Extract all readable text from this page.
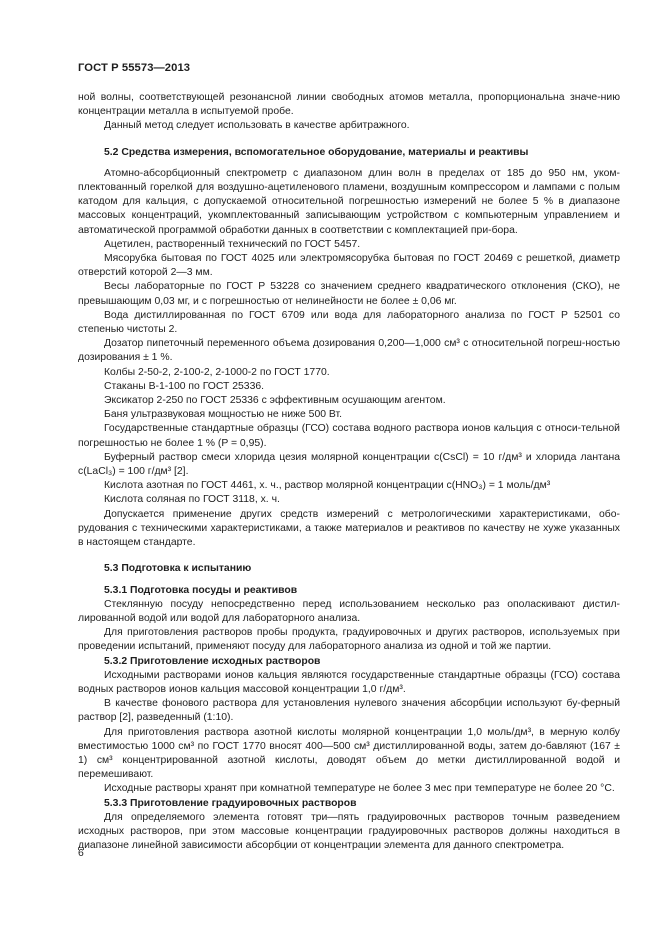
ГОСТ Р 55573—2013

ной волны, соответствующей резонансной линии свободных атомов металла, пропорциональна значе-нию концентрации металла в испытуемой пробе.

Данный метод следует использовать в качестве арбитражного.

5.2 Средства измерения, вспомогательное оборудование, материалы и реактивы

Атомно-абсорбционный спектрометр с диапазоном длин волн в пределах от 185 до 950 нм, уком-плектованный горелкой для воздушно-ацетиленового пламени, воздушным компрессором и лампами с полым катодом для кальция, с допускаемой относительной погрешностью измерений не более 5 % в диапазоне массовых концентраций, укомплектованный записывающим устройством с компьютерным управлением и автоматической программой обработки данных в соответствии с комплектацией при-бора.

Ацетилен, растворенный технический по ГОСТ 5457.

Мясорубка бытовая по ГОСТ 4025 или электромясорубка бытовая по ГОСТ 20469 с решеткой, диаметр отверстий которой 2—3 мм.

Весы лабораторные по ГОСТ Р 53228 со значением среднего квадратического отклонения (СКО), не превышающим 0,03 мг, и с погрешностью от нелинейности не более ± 0,06 мг.

Вода дистиллированная по ГОСТ 6709 или вода для лабораторного анализа по ГОСТ Р 52501 со степенью чистоты 2.

Дозатор пипеточный переменного объема дозирования 0,200—1,000 см³ с относительной погреш-ностью дозирования ± 1 %.

Колбы 2-50-2, 2-100-2, 2-1000-2 по ГОСТ 1770.

Стаканы В-1-100 по ГОСТ 25336.

Эксикатор 2-250 по ГОСТ 25336 с эффективным осушающим агентом.

Баня ультразвуковая мощностью не ниже 500 Вт.

Государственные стандартные образцы (ГСО) состава водного раствора ионов кальция с относи-тельной погрешностью не более 1 % (P = 0,95).

Буферный раствор смеси хлорида цезия молярной концентрации c(CsCl) = 10 г/дм³ и хлорида лантана c(LaCl₃) = 100 г/дм³ [2].

Кислота азотная по ГОСТ 4461, х. ч., раствор молярной концентрации c(HNO₃) = 1 моль/дм³

Кислота соляная по ГОСТ 3118, х. ч.

Допускается применение других средств измерений с метрологическими характеристиками, обо-рудования с техническими характеристиками, а также материалов и реактивов по качеству не хуже указанных в настоящем стандарте.

5.3 Подготовка к испытанию

5.3.1 Подготовка посуды и реактивов

Стеклянную посуду непосредственно перед использованием несколько раз ополаскивают дистил-лированной водой или водой для лабораторного анализа.

Для приготовления растворов пробы продукта, градуировочных и других растворов, используемых при проведении испытаний, применяют посуду для лабораторного анализа из одной и той же партии.

5.3.2 Приготовление исходных растворов

Исходными растворами ионов кальция являются государственные стандартные образцы (ГСО) состава водных растворов ионов кальция массовой концентрации 1,0 г/дм³.

В качестве фонового раствора для установления нулевого значения абсорбции используют бу-ферный раствор [2], разведенный (1:10).

Для приготовления раствора азотной кислоты молярной концентрации 1,0 моль/дм³, в мерную колбу вместимостью 1000 см³ по ГОСТ 1770 вносят 400—500 см³ дистиллированной воды, затем до-бавляют (167 ± 1) см³ концентрированной азотной кислоты, доводят объем до метки дистиллированной водой и перемешивают.

Исходные растворы хранят при комнатной температуре не более 3 мес при температуре не более 20 °С.

5.3.3 Приготовление градуировочных растворов

Для определяемого элемента готовят три—пять градуировочных растворов точным разведением исходных растворов, при этом массовые концентрации градуировочных растворов должны находиться в диапазоне линейной зависимости абсорбции от концентрации элемента для данного спектрометра.

6
